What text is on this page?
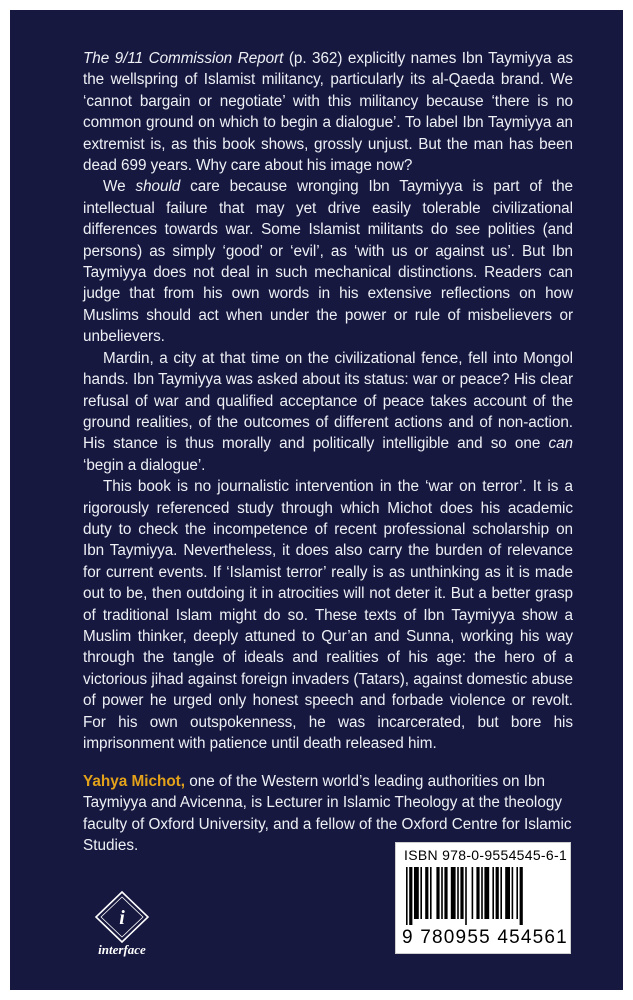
The 9/11 Commission Report (p. 362) explicitly names Ibn Taymiyya as the wellspring of Islamist militancy, particularly its al-Qaeda brand. We ‘cannot bargain or negotiate’ with this militancy because ‘there is no common ground on which to begin a dialogue’. To label Ibn Taymiyya an extremist is, as this book shows, grossly unjust. But the man has been dead 699 years. Why care about his image now?

We should care because wronging Ibn Taymiyya is part of the intellectual failure that may yet drive easily tolerable civilizational differences towards war. Some Islamist militants do see polities (and persons) as simply ‘good’ or ‘evil’, as ‘with us or against us’. But Ibn Taymiyya does not deal in such mechanical distinctions. Readers can judge that from his own words in his extensive reflections on how Muslims should act when under the power or rule of misbelievers or unbelievers.

Mardin, a city at that time on the civilizational fence, fell into Mongol hands. Ibn Taymiyya was asked about its status: war or peace? His clear refusal of war and qualified acceptance of peace takes account of the ground realities, of the outcomes of different actions and of non-action. His stance is thus morally and politically intelligible and so one can ‘begin a dialogue’.

This book is no journalistic intervention in the ‘war on terror’. It is a rigorously referenced study through which Michot does his academic duty to check the incompetence of recent professional scholarship on Ibn Taymiyya. Nevertheless, it does also carry the burden of relevance for current events. If ‘Islamist terror’ really is as unthinking as it is made out to be, then outdoing it in atrocities will not deter it. But a better grasp of traditional Islam might do so. These texts of Ibn Taymiyya show a Muslim thinker, deeply attuned to Qur’an and Sunna, working his way through the tangle of ideals and realities of his age: the hero of a victorious jihad against foreign invaders (Tatars), against domestic abuse of power he urged only honest speech and forbade violence or revolt. For his own outspokenness, he was incarcerated, but bore his imprisonment with patience until death released him.

Yahya Michot, one of the Western world’s leading authorities on Ibn Taymiyya and Avicenna, is Lecturer in Islamic Theology at the theology faculty of Oxford University, and a fellow of the Oxford Centre for Islamic Studies.
i
interface
ISBN 978-0-9554545-6-1
9 780955 454561
